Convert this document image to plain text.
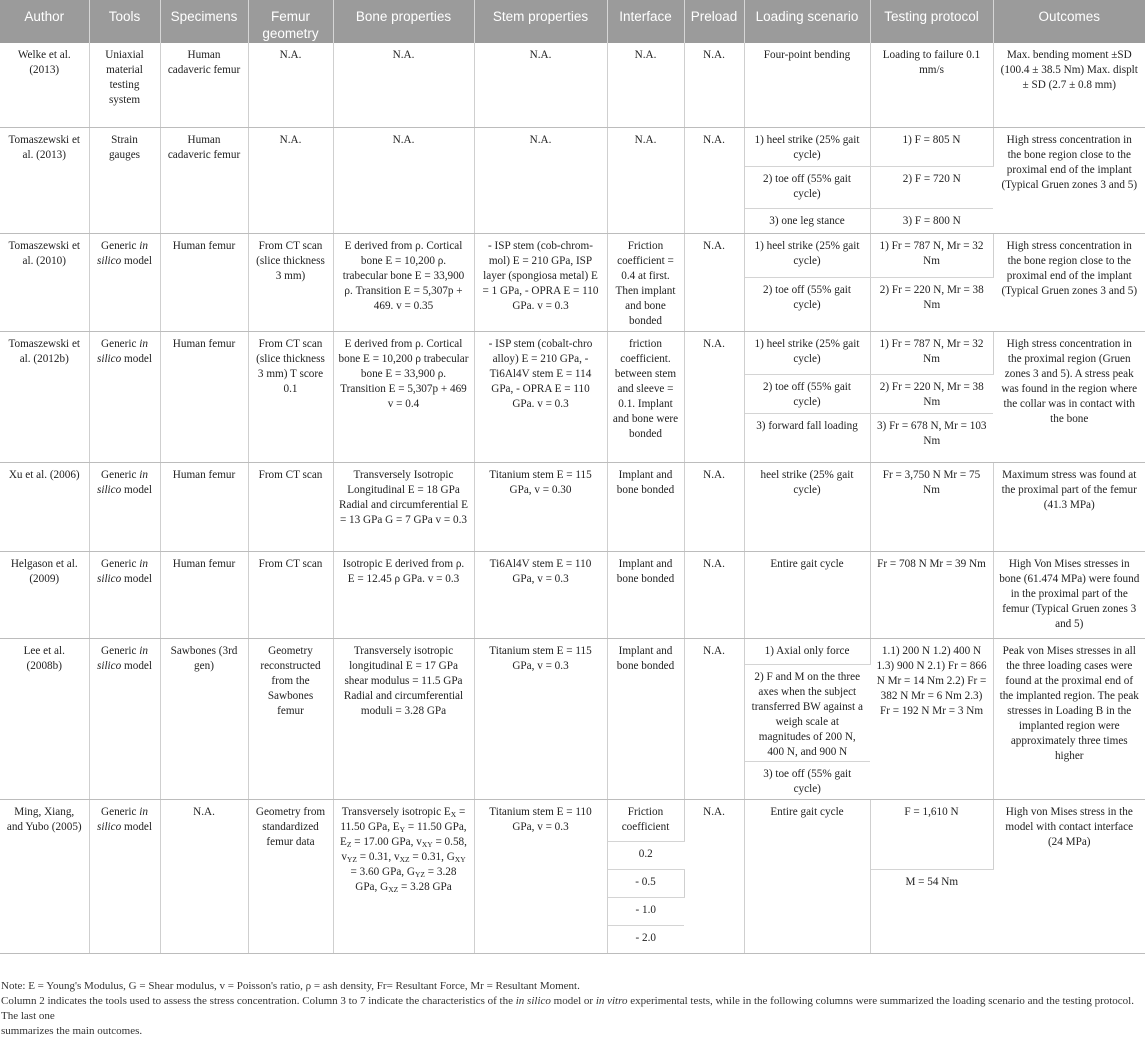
Author	Tools	Specimens	Femur geometry	Bone properties	Stem properties	Interface	Preload	Loading scenario	Testing protocol	Outcomes
Welke et al. (2013)	Uniaxial material testing system	Human cadaveric femur	N.A.	N.A.	N.A.	N.A.	N.A.	Four-point bending	Loading to failure 0.1 mm/s	Max. bending moment ±SD (100.4 ± 38.5 Nm) Max. displt ± SD (2.7 ± 0.8 mm)
Tomaszewski et al. (2013)	Strain gauges	Human cadaveric femur	N.A.	N.A.	N.A.	N.A.	N.A.	1) heel strike (25% gait cycle)	1) F = 805 N	High stress concentration in the bone region close to the proximal end of the implant (Typical Gruen zones 3 and 5)
								2) toe off (55% gait cycle)	2) F = 720 N	
								3) one leg stance	3) F = 800 N	
Tomaszewski et al. (2010)	Generic in silico model	Human femur	From CT scan (slice thickness 3 mm)	E derived from ρ. Cortical bone E = 10,200 ρ. trabecular bone E = 33,900 ρ. Transition E = 5,307p + 469. v = 0.35	- ISP stem (cob-chrom-mol) E = 210 GPa, ISP layer (spongiosa metal) E = 1 GPa, - OPRA E = 110 GPa. v = 0.3	Friction coefficient = 0.4 at first. Then implant and bone bonded	N.A.	1) heel strike (25% gait cycle)	1) Fr = 787 N, Mr = 32 Nm	High stress concentration in the bone region close to the proximal end of the implant (Typical Gruen zones 3 and 5)
								2) toe off (55% gait cycle)	2) Fr = 220 N, Mr = 38 Nm	
Tomaszewski et al. (2012b)	Generic in silico model	Human femur	From CT scan (slice thickness 3 mm) T score 0.1	E derived from ρ. Cortical bone E = 10,200 ρ trabecular bone E = 33,900 ρ. Transition E = 5,307p + 469 v = 0.4	- ISP stem (cobalt-chro alloy) E = 210 GPa, - Ti6Al4V stem E = 114 GPa, - OPRA E = 110 GPa. v = 0.3	friction coefficient. between stem and sleeve = 0.1. Implant and bone were bonded	N.A.	1) heel strike (25% gait cycle)	1) Fr = 787 N, Mr = 32 Nm	High stress concentration in the proximal region (Gruen zones 3 and 5). A stress peak was found in the region where the collar was in contact with the bone
								2) toe off (55% gait cycle)	2) Fr = 220 N, Mr = 38 Nm	
								3) forward fall loading	3) Fr = 678 N, Mr = 103 Nm	
Xu et al. (2006)	Generic in silico model	Human femur	From CT scan	Transversely Isotropic Longitudinal E = 18 GPa Radial and circumferential E = 13 GPa G = 7 GPa v = 0.3	Titanium stem E = 115 GPa, v = 0.30	Implant and bone bonded	N.A.	heel strike (25% gait cycle)	Fr = 3,750 N Mr = 75 Nm	Maximum stress was found at the proximal part of the femur (41.3 MPa)
Helgason et al. (2009)	Generic in silico model	Human femur	From CT scan	Isotropic E derived from ρ. E = 12.45 ρ GPa. v = 0.3	Ti6Al4V stem E = 110 GPa, v = 0.3	Implant and bone bonded	N.A.	Entire gait cycle	Fr = 708 N Mr = 39 Nm	High Von Mises stresses in bone (61.474 MPa) were found in the proximal part of the femur (Typical Gruen zones 3 and 5)
Lee et al. (2008b)	Generic in silico model	Sawbones (3rd gen)	Geometry reconstructed from the Sawbones femur	Transversely isotropic longitudinal E = 17 GPa shear modulus = 11.5 GPa Radial and circumferential moduli = 3.28 GPa	Titanium stem E = 115 GPa, v = 0.3	Implant and bone bonded	N.A.	1) Axial only force	1.1) 200 N 1.2) 400 N 1.3) 900 N 2.1) Fr = 866 N Mr = 14 Nm 2.2) Fr = 382 N Mr = 6 Nm 2.3) Fr = 192 N Mr = 3 Nm	Peak von Mises stresses in all the three loading cases were found at the proximal end of the implanted region. The peak stresses in Loading B in the implanted region were approximately three times higher
								2) F and M on the three axes when the subject transferred BW against a weigh scale at magnitudes of 200 N, 400 N, and 900 N		
								3) toe off (55% gait cycle)		
Ming, Xiang, and Yubo (2005)	Generic in silico model	N.A.	Geometry from standardized femur data	Transversely isotropic $E_X = 11.50$ GPa, $E_Y = 11.50$ GPa, $E_Z = 17.00$ GPa, $v_{XY} = 0.58$, $v_{YZ} = 0.31$, $v_{XZ} = 0.31$, $G_{XY} = 3.60$ GPa, $G_{YZ} = 3.28$ GPa, $G_{XZ} = 3.28$ GPa	Titanium stem E = 110 GPa, v = 0.3	Friction coefficient	N.A.	Entire gait cycle	F = 1,610 N	High von Mises stress in the model with contact interface (24 MPa)
						0.2				
						- 0.5			M = 54 Nm	
						- 1.0				
						- 2.0				
Note: E = Young's Modulus, G = Shear modulus, v = Poisson's ratio, ρ = ash density, Fr= Resultant Force, Mr = Resultant Moment.
Column 2 indicates the tools used to assess the stress concentration. Column 3 to 7 indicate the characteristics of the in silico model or in vitro experimental tests, while in the following columns were summarized the loading scenario and the testing protocol. The last one
summarizes the main outcomes.
